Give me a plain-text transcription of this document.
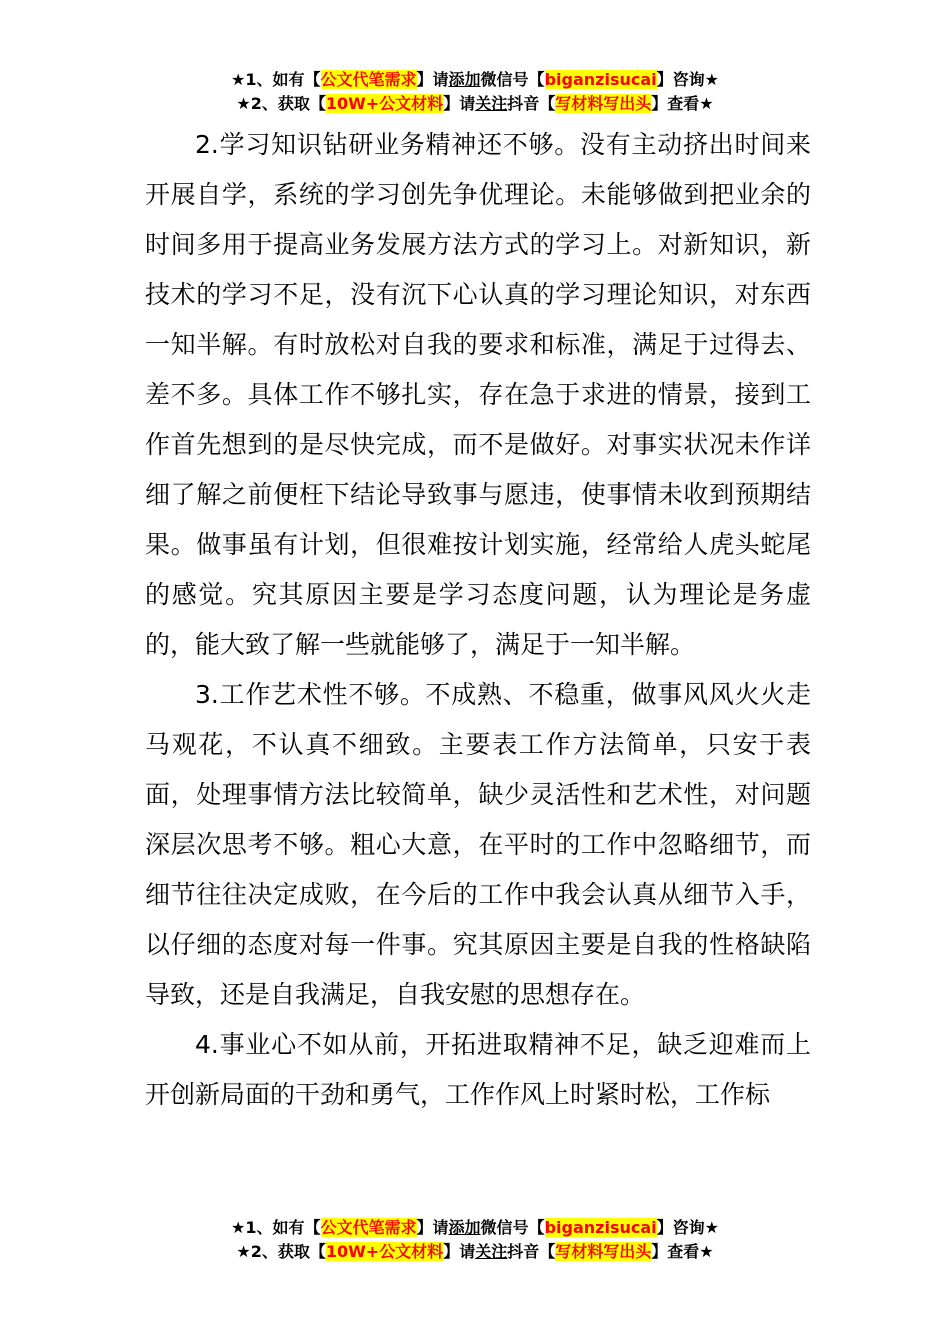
★1、如有【公文代笔需求】请添加微信号【biganzisucai】咨询★
★2、获取【10W+公文材料】请关注抖音【写材料写出头】查看★

2.学习知识钻研业务精神还不够。没有主动挤出时间来开展自学，系统的学习创先争优理论。未能够做到把业余的时间多用于提高业务发展方法方式的学习上。对新知识，新技术的学习不足，没有沉下心认真的学习理论知识，对东西一知半解。有时放松对自我的要求和标准，满足于过得去、差不多。具体工作不够扎实，存在急于求进的情景，接到工作首先想到的是尽快完成，而不是做好。对事实状况未作详细了解之前便枉下结论导致事与愿违，使事情未收到预期结果。做事虽有计划，但很难按计划实施，经常给人虎头蛇尾的感觉。究其原因主要是学习态度问题，认为理论是务虚的，能大致了解一些就能够了，满足于一知半解。

3.工作艺术性不够。不成熟、不稳重，做事风风火火走马观花，不认真不细致。主要表工作方法简单，只安于表面，处理事情方法比较简单，缺少灵活性和艺术性，对问题深层次思考不够。粗心大意，在平时的工作中忽略细节，而细节往往决定成败，在今后的工作中我会认真从细节入手，以仔细的态度对每一件事。究其原因主要是自我的性格缺陷导致，还是自我满足，自我安慰的思想存在。

4.事业心不如从前，开拓进取精神不足，缺乏迎难而上开创新局面的干劲和勇气，工作作风上时紧时松，工作标

★1、如有【公文代笔需求】请添加微信号【biganzisucai】咨询★
★2、获取【10W+公文材料】请关注抖音【写材料写出头】查看★
